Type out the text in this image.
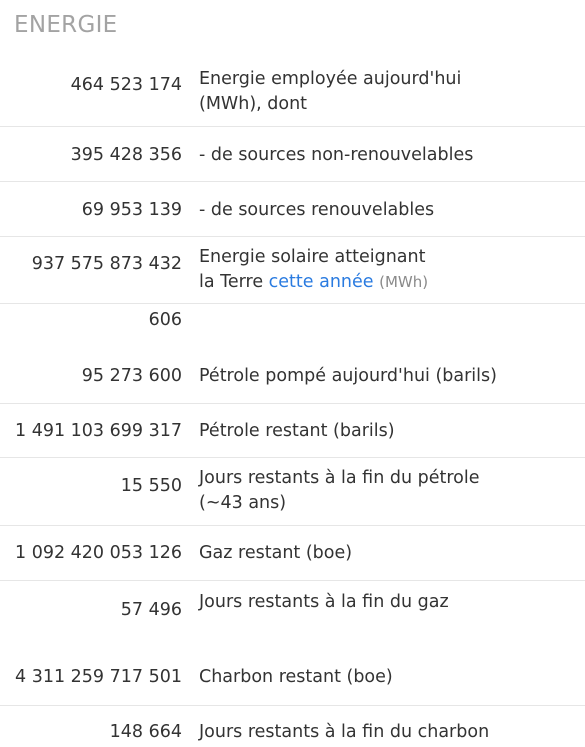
ENERGIE
464 523 174 Energie employée aujourd'hui
(MWh), dont
395 428 356 - de sources non-renouvelables
69 953 139 - de sources renouvelables
937 575 873 432
606
Energie solaire atteignant
la Terre cette année (MWh)
95 273 600 Pétrole pompé aujourd'hui (barils)
1 491 103 699 317 Pétrole restant (barils)
15 550 Jours restants à la fin du pétrole
(~43 ans)
1 092 420 053 126 Gaz restant (boe)
57 496 Jours restants à la fin du gaz
4 311 259 717 501 Charbon restant (boe)
148 664 Jours restants à la fin du charbon
